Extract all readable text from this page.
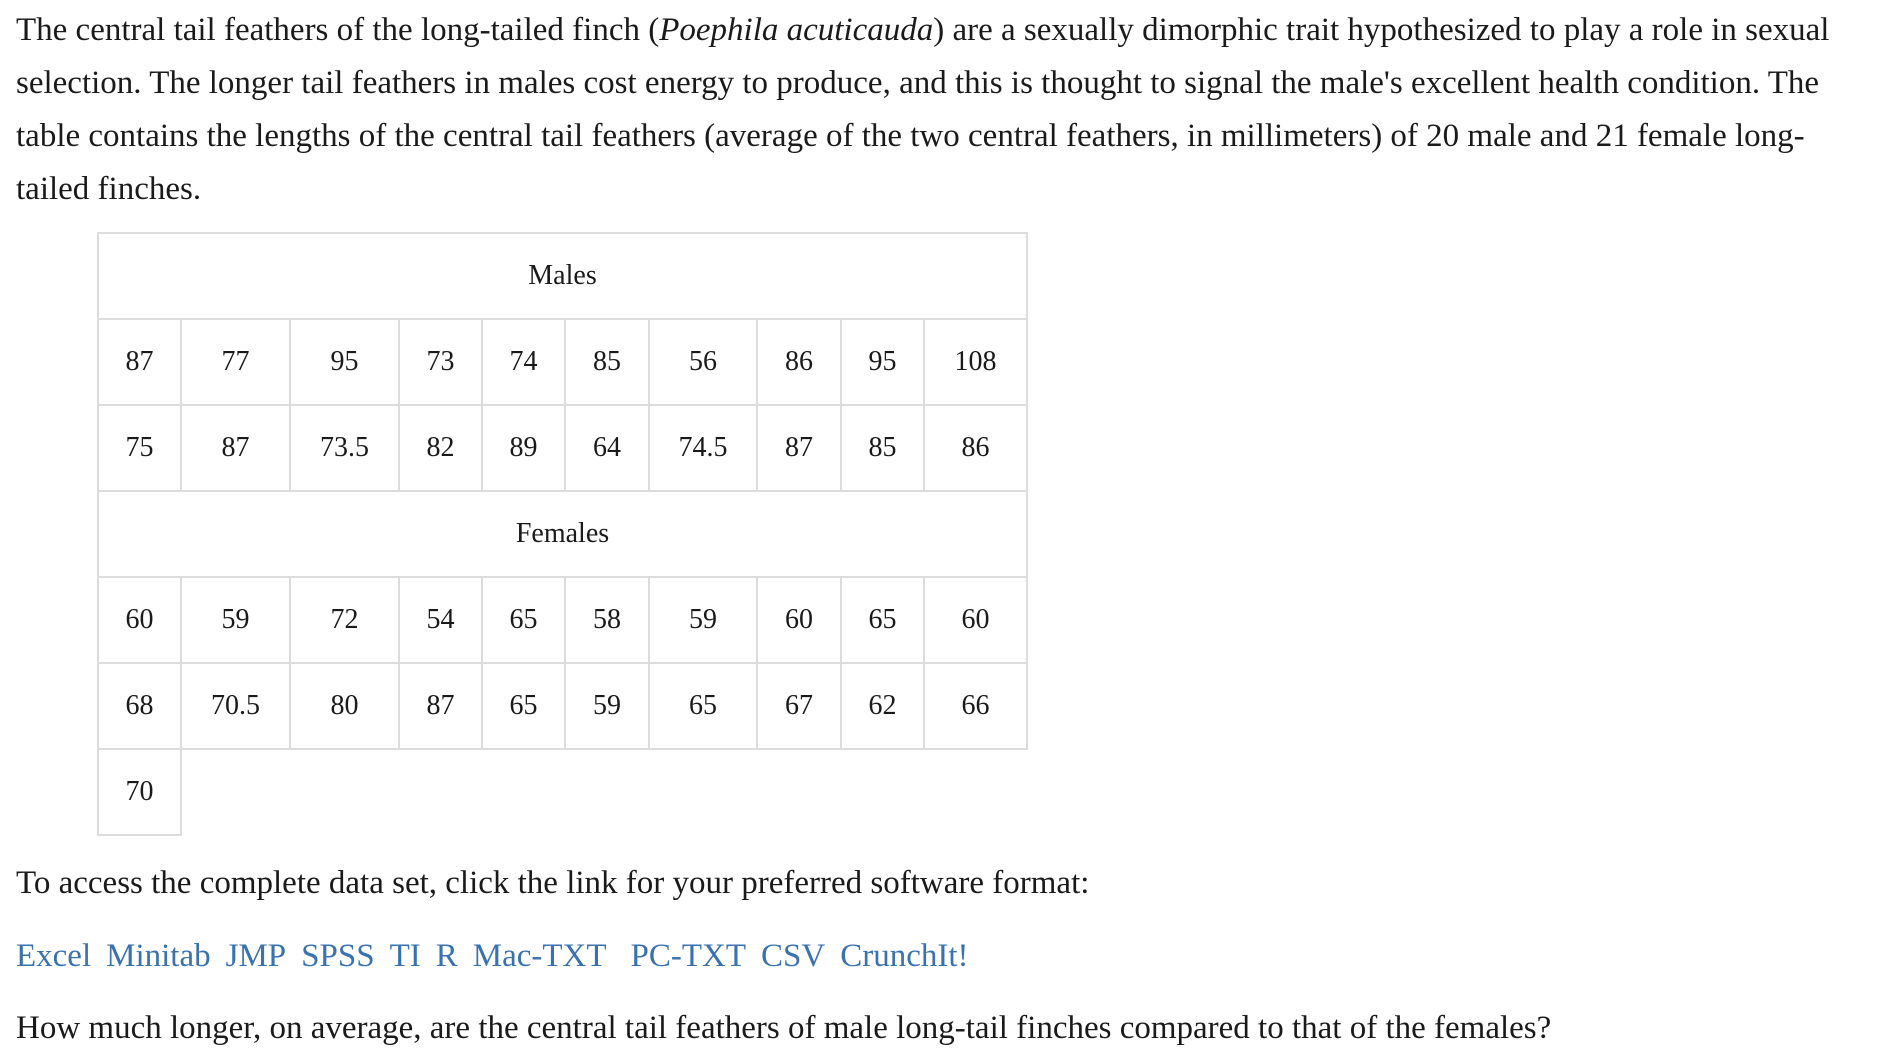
The central tail feathers of the long-tailed finch (Poephila acuticauda) are a sexually dimorphic trait hypothesized to play a role in sexual selection. The longer tail feathers in males cost energy to produce, and this is thought to signal the male's excellent health condition. The table contains the lengths of the central tail feathers (average of the two central feathers, in millimeters) of 20 male and 21 female long-tailed finches.

Males									
87	77	95	73	74	85	56	86	95	108
75	87	73.5	82	89	64	74.5	87	85	86
Females									
60	59	72	54	65	58	59	60	65	60
68	70.5	80	87	65	59	65	67	62	66
70									

To access the complete data set, click the link for your preferred software format:

Excel Minitab JMP SPSS TI R Mac-TXT PC-TXT CSV CrunchIt!

How much longer, on average, are the central tail feathers of male long-tail finches compared to that of the females?
